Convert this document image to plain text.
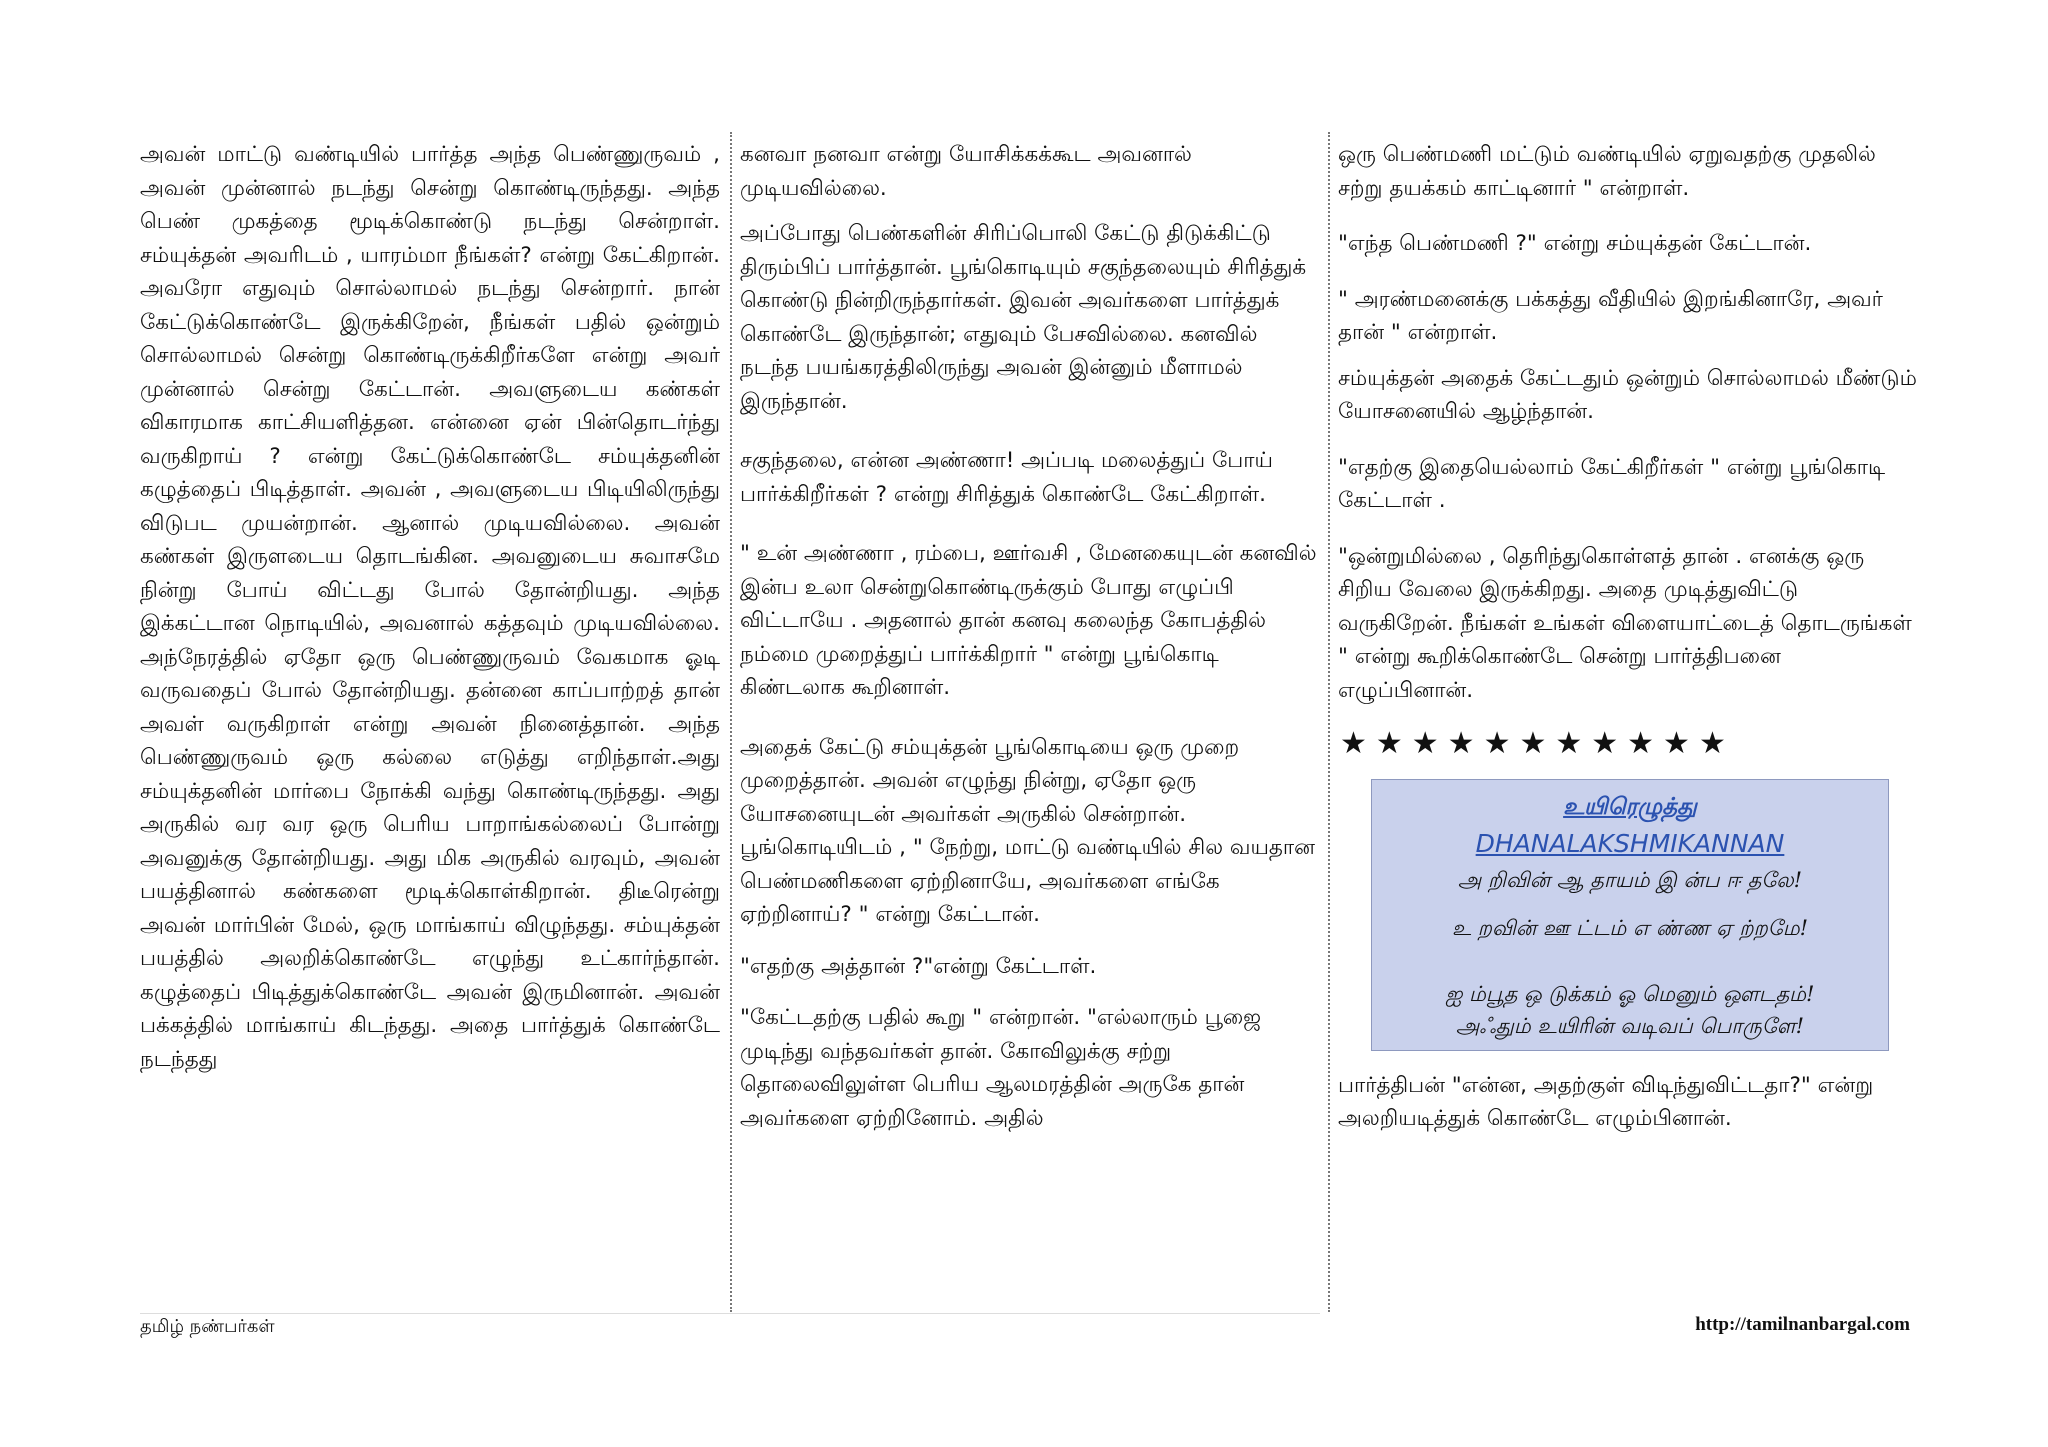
அவன் மாட்டு வண்டியில் பார்த்த அந்த பெண்ணுருவம் , அவன் முன்னால் நடந்து சென்று கொண்டிருந்தது. அந்த பெண் முகத்தை மூடிக்கொண்டு நடந்து சென்றாள். சம்யுக்தன் அவரிடம் , யாரம்மா நீங்கள்? என்று கேட்கிறான். அவரோ எதுவும் சொல்லாமல் நடந்து சென்றார். நான் கேட்டுக்கொண்டே இருக்கிறேன், நீங்கள் பதில் ஒன்றும் சொல்லாமல் சென்று கொண்டிருக்கிறீர்களே என்று அவர் முன்னால் சென்று கேட்டான். அவளுடைய கண்கள் விகாரமாக காட்சியளித்தன. என்னை ஏன் பின்தொடர்ந்து வருகிறாய் ? என்று கேட்டுக்கொண்டே சம்யுக்தனின் கழுத்தைப் பிடித்தாள். அவன் , அவளுடைய பிடியிலிருந்து விடுபட முயன்றான். ஆனால் முடியவில்லை. அவன் கண்கள் இருளடைய தொடங்கின. அவனுடைய சுவாசமே நின்று போய் விட்டது போல் தோன்றியது. அந்த இக்கட்டான நொடியில், அவனால் கத்தவும் முடியவில்லை. அந்நேரத்தில் ஏதோ ஒரு பெண்ணுருவம் வேகமாக ஓடி வருவதைப் போல் தோன்றியது. தன்னை காப்பாற்றத் தான் அவள் வருகிறாள் என்று அவன் நினைத்தான். அந்த பெண்ணுருவம் ஒரு கல்லை எடுத்து எறிந்தாள்.அது சம்யுக்தனின் மார்பை நோக்கி வந்து கொண்டிருந்தது. அது அருகில் வர வர ஒரு பெரிய பாறாங்கல்லைப் போன்று அவனுக்கு தோன்றியது. அது மிக அருகில் வரவும், அவன் பயத்தினால் கண்களை மூடிக்கொள்கிறான். திடீரென்று அவன் மார்பின் மேல், ஒரு மாங்காய் விழுந்தது. சம்யுக்தன் பயத்தில் அலறிக்கொண்டே எழுந்து உட்கார்ந்தான். கழுத்தைப் பிடித்துக்கொண்டே அவன் இருமினான். அவன் பக்கத்தில் மாங்காய் கிடந்தது. அதை பார்த்துக் கொண்டே நடந்தது

கனவா நனவா என்று யோசிக்கக்கூட அவனால் முடியவில்லை.

அப்போது பெண்களின் சிரிப்பொலி கேட்டு திடுக்கிட்டு திரும்பிப் பார்த்தான். பூங்கொடியும் சகுந்தலையும் சிரித்துக் கொண்டு நின்றிருந்தார்கள். இவன் அவர்களை பார்த்துக் கொண்டே இருந்தான்; எதுவும் பேசவில்லை. கனவில் நடந்த பயங்கரத்திலிருந்து அவன் இன்னும் மீளாமல் இருந்தான்.

சகுந்தலை, என்ன அண்ணா! அப்படி மலைத்துப் போய் பார்க்கிறீர்கள் ? என்று சிரித்துக் கொண்டே கேட்கிறாள்.

" உன் அண்ணா , ரம்பை, ஊர்வசி , மேனகையுடன் கனவில் இன்ப உலா சென்றுகொண்டிருக்கும் போது எழுப்பி விட்டாயே . அதனால் தான் கனவு கலைந்த கோபத்தில் நம்மை முறைத்துப் பார்க்கிறார் " என்று பூங்கொடி கிண்டலாக கூறினாள்.

அதைக் கேட்டு சம்யுக்தன் பூங்கொடியை ஒரு முறை முறைத்தான். அவன் எழுந்து நின்று, ஏதோ ஒரு யோசனையுடன் அவர்கள் அருகில் சென்றான். பூங்கொடியிடம் , " நேற்று, மாட்டு வண்டியில் சில வயதான பெண்மணிகளை ஏற்றினாயே, அவர்களை எங்கே ஏற்றினாய்? " என்று கேட்டான்.

"எதற்கு அத்தான் ?"என்று கேட்டாள்.

"கேட்டதற்கு பதில் கூறு " என்றான். "எல்லாரும் பூஜை முடிந்து வந்தவர்கள் தான். கோவிலுக்கு சற்று தொலைவிலுள்ள பெரிய ஆலமரத்தின் அருகே தான் அவர்களை ஏற்றினோம். அதில்

ஒரு பெண்மணி மட்டும் வண்டியில் ஏறுவதற்கு முதலில் சற்று தயக்கம் காட்டினார் " என்றாள்.

"எந்த பெண்மணி ?" என்று சம்யுக்தன் கேட்டான்.

" அரண்மனைக்கு பக்கத்து வீதியில் இறங்கினாரே, அவர் தான் " என்றாள்.

சம்யுக்தன் அதைக் கேட்டதும் ஒன்றும் சொல்லாமல் மீண்டும் யோசனையில் ஆழ்ந்தான்.

"எதற்கு இதையெல்லாம் கேட்கிறீர்கள் " என்று பூங்கொடி கேட்டாள் .

"ஒன்றுமில்லை , தெரிந்துகொள்ளத் தான் . எனக்கு ஒரு சிறிய வேலை இருக்கிறது. அதை முடித்துவிட்டு வருகிறேன். நீங்கள் உங்கள் விளையாட்டைத் தொடருங்கள் " என்று கூறிக்கொண்டே சென்று பார்த்திபனை எழுப்பினான்.

★★★★★★★★★★★
உயிரெழுத்து
DHANALAKSHMIKANNAN
அ றிவின் ஆ தாயம் இ ன்ப ஈ தலே!
உ றவின் ஊ ட்டம் எ ண்ண ஏ ற்றமே!
ஐ ம்பூத ஒ டுக்கம் ஓ மெனும் ஔடதம்!
அஃதும் உயிரின் வடிவப் பொருளே!

பார்த்திபன் "என்ன, அதற்குள் விடிந்துவிட்டதா?" என்று அலறியடித்துக் கொண்டே எழும்பினான்.

தமிழ் நண்பர்கள்	http://tamilnanbargal.com
